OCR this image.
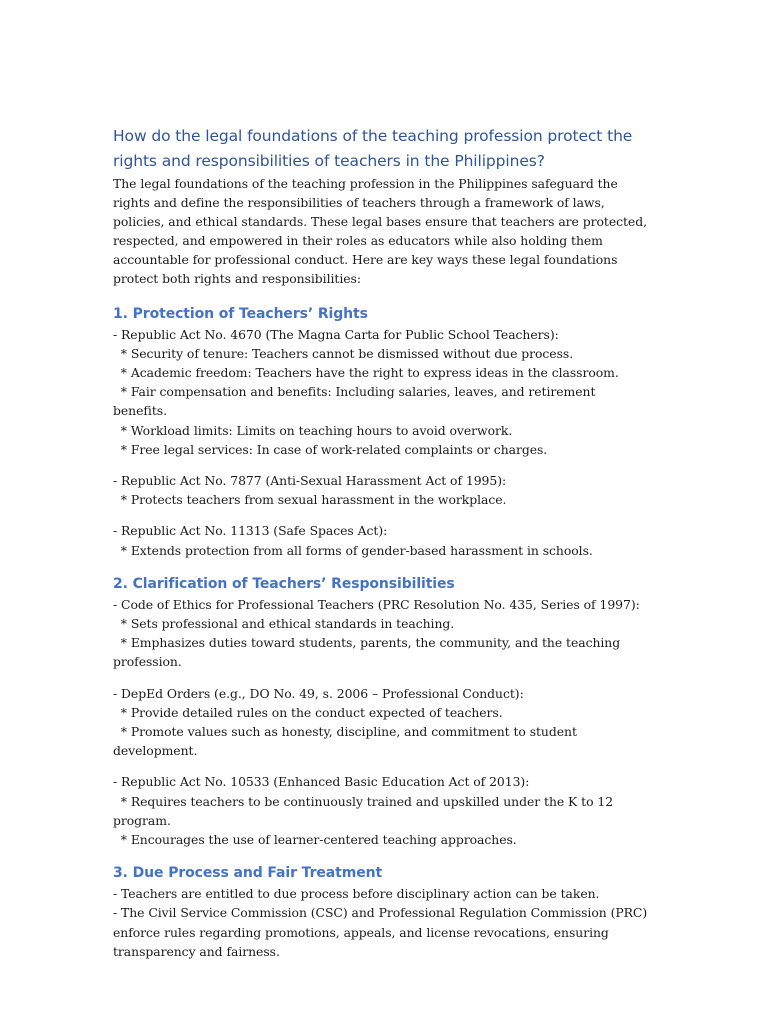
How do the legal foundations of the teaching profession protect the rights and responsibilities of teachers in the Philippines?

The legal foundations of the teaching profession in the Philippines safeguard the rights and define the responsibilities of teachers through a framework of laws, policies, and ethical standards. These legal bases ensure that teachers are protected, respected, and empowered in their roles as educators while also holding them accountable for professional conduct. Here are key ways these legal foundations protect both rights and responsibilities:

1. Protection of Teachers’ Rights

- Republic Act No. 4670 (The Magna Carta for Public School Teachers):

* Security of tenure: Teachers cannot be dismissed without due process.

* Academic freedom: Teachers have the right to express ideas in the classroom.

* Fair compensation and benefits: Including salaries, leaves, and retirement benefits.

* Workload limits: Limits on teaching hours to avoid overwork.

* Free legal services: In case of work-related complaints or charges.

- Republic Act No. 7877 (Anti-Sexual Harassment Act of 1995):

* Protects teachers from sexual harassment in the workplace.

- Republic Act No. 11313 (Safe Spaces Act):

* Extends protection from all forms of gender-based harassment in schools.

2. Clarification of Teachers’ Responsibilities

- Code of Ethics for Professional Teachers (PRC Resolution No. 435, Series of 1997):

* Sets professional and ethical standards in teaching.

* Emphasizes duties toward students, parents, the community, and the teaching

profession.

- DepEd Orders (e.g., DO No. 49, s. 2006 – Professional Conduct):

* Provide detailed rules on the conduct expected of teachers.

* Promote values such as honesty, discipline, and commitment to student development.

- Republic Act No. 10533 (Enhanced Basic Education Act of 2013):

* Requires teachers to be continuously trained and upskilled under the K to 12 program.

* Encourages the use of learner-centered teaching approaches.

3. Due Process and Fair Treatment

- Teachers are entitled to due process before disciplinary action can be taken.

- The Civil Service Commission (CSC) and Professional Regulation Commission (PRC)

enforce rules regarding promotions, appeals, and license revocations, ensuring

transparency and fairness.
